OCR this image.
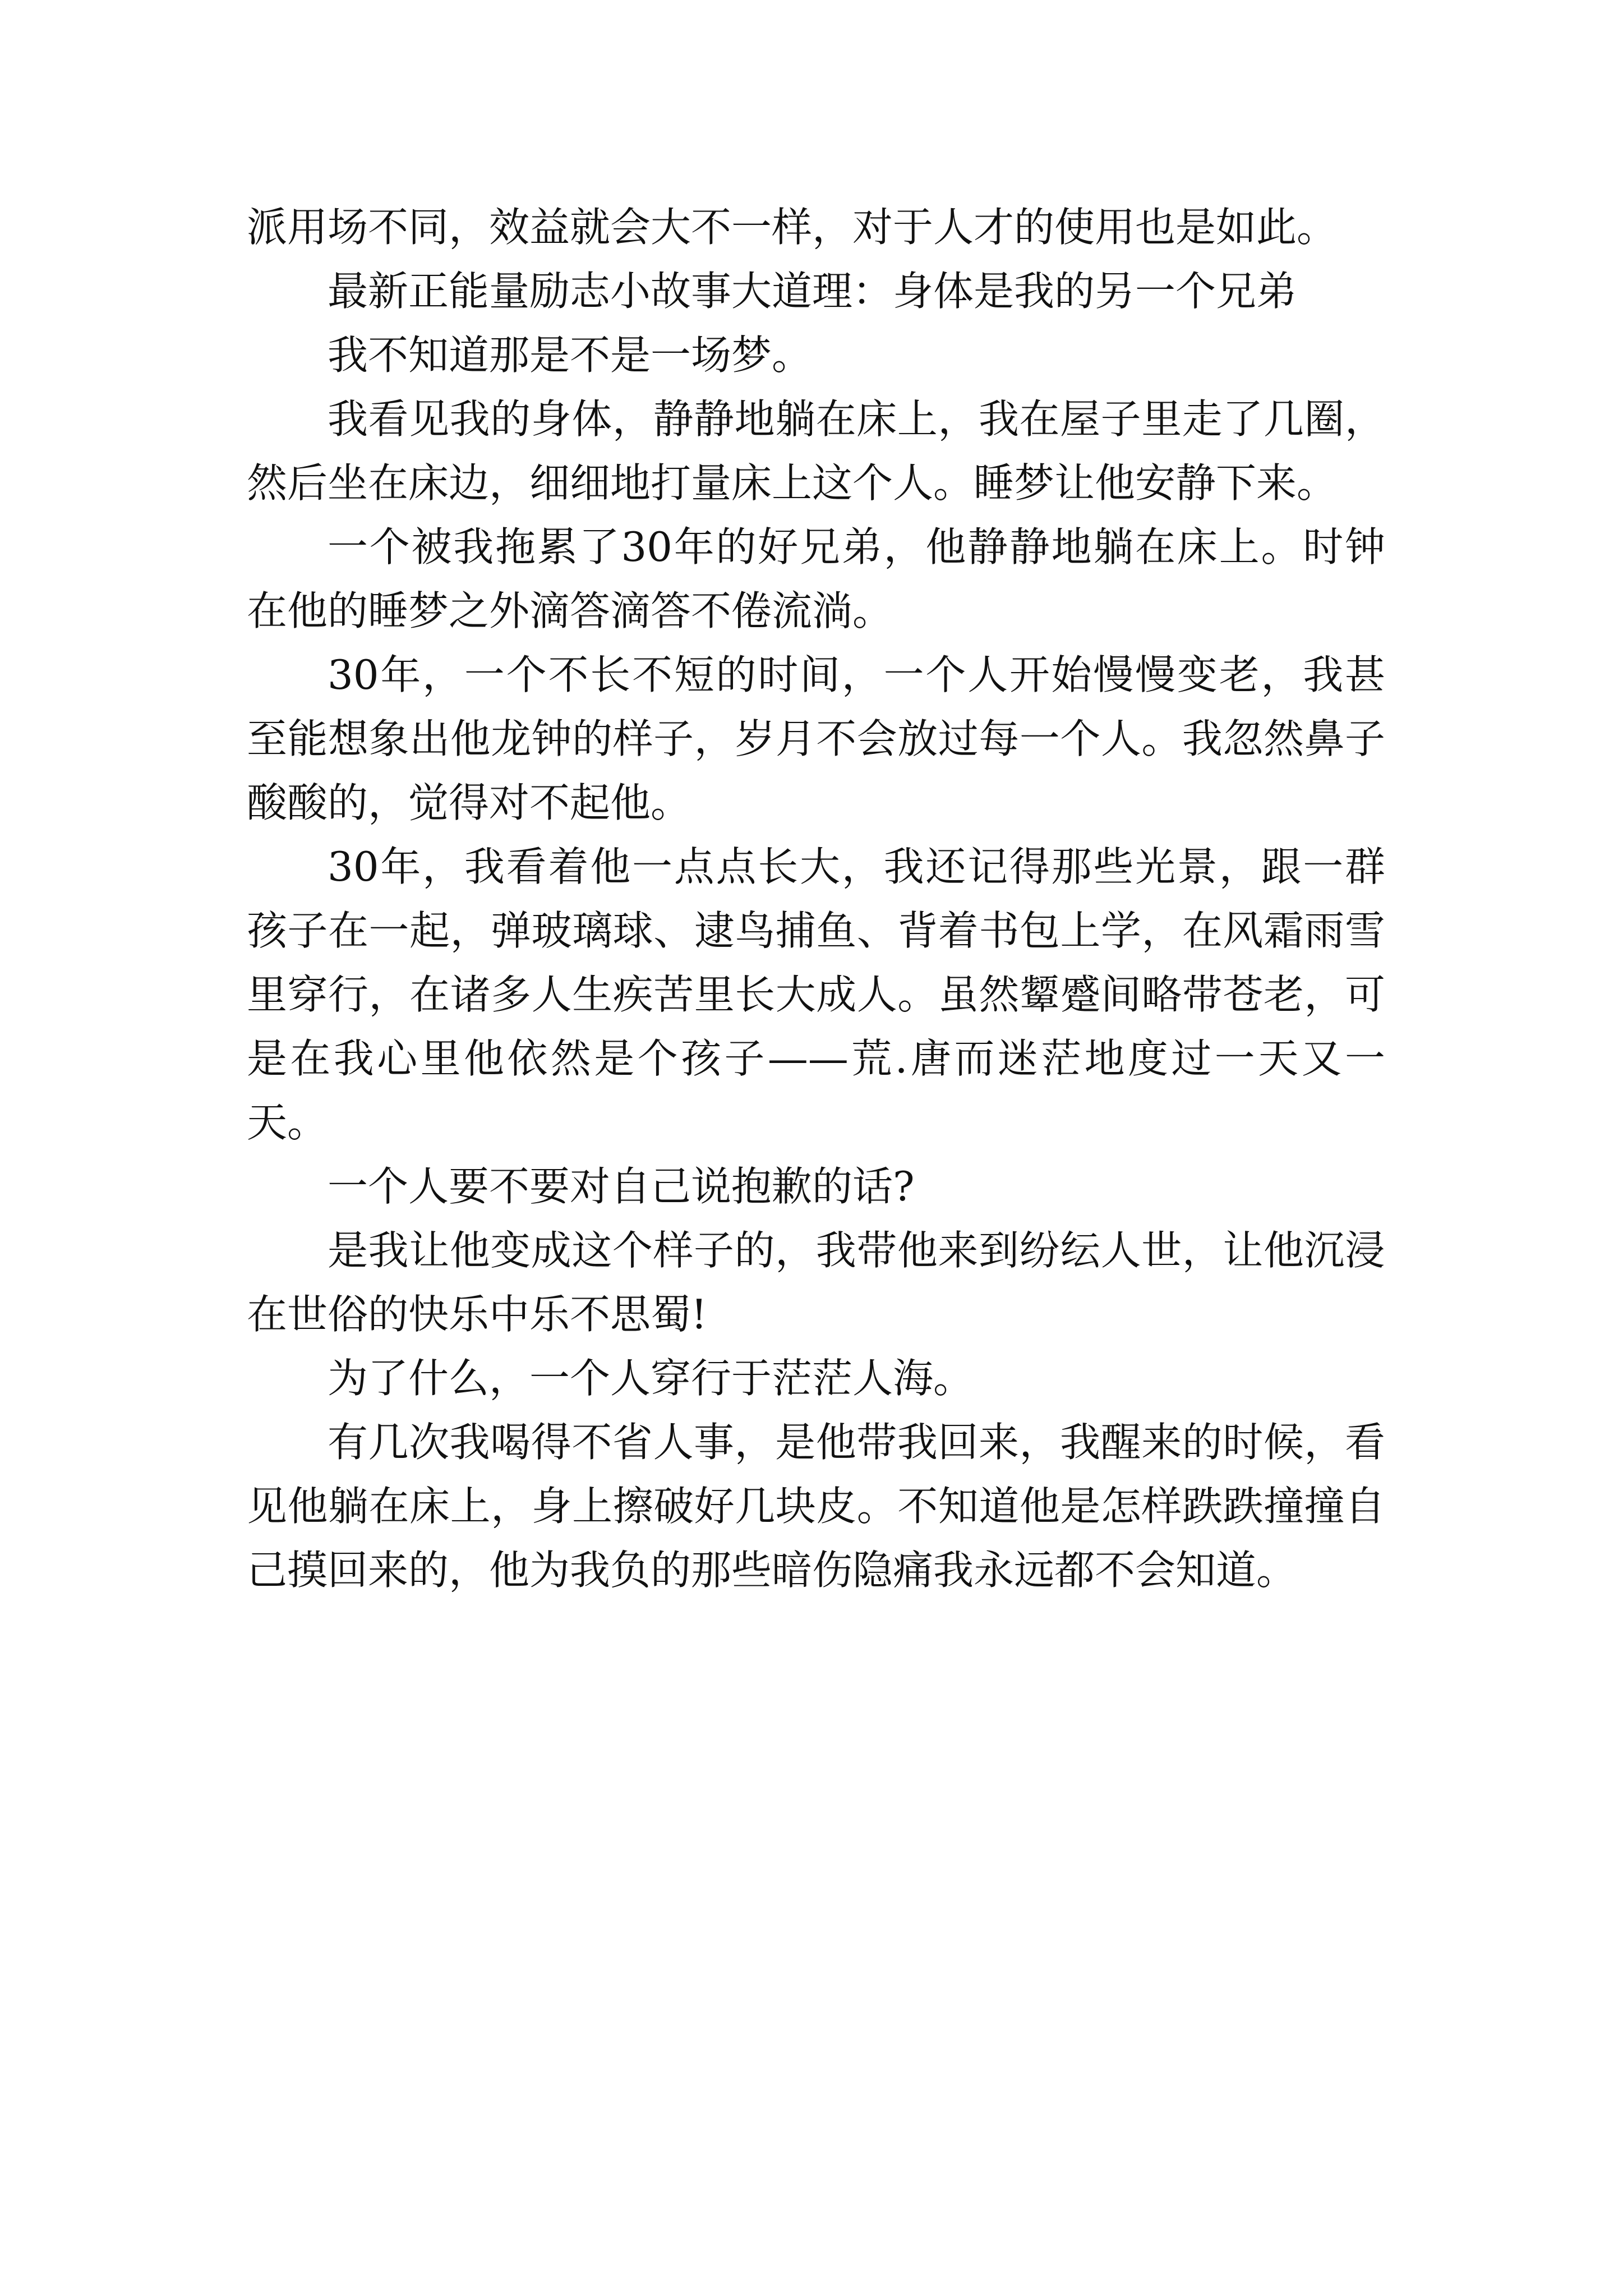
派用场不同，效益就会大不一样，对于人才的使用也是如此。

最新正能量励志小故事大道理：身体是我的另一个兄弟

我不知道那是不是一场梦。

我看见我的身体，静静地躺在床上，我在屋子里走了几圈，然后坐在床边，细细地打量床上这个人。睡梦让他安静下来。

一个被我拖累了30年的好兄弟，他静静地躺在床上。时钟在他的睡梦之外滴答滴答不倦流淌。

30年，一个不长不短的时间，一个人开始慢慢变老，我甚至能想象出他龙钟的样子，岁月不会放过每一个人。我忽然鼻子酸酸的，觉得对不起他。

30年，我看着他一点点长大，我还记得那些光景，跟一群孩子在一起，弹玻璃球、逮鸟捕鱼、背着书包上学，在风霜雨雪里穿行，在诸多人生疾苦里长大成人。虽然颦蹙间略带苍老，可是在我心里他依然是个孩子——荒.唐而迷茫地度过一天又一天。

一个人要不要对自己说抱歉的话?

是我让他变成这个样子的，我带他来到纷纭人世，让他沉浸在世俗的快乐中乐不思蜀!

为了什么，一个人穿行于茫茫人海。

有几次我喝得不省人事，是他带我回来，我醒来的时候，看见他躺在床上，身上擦破好几块皮。不知道他是怎样跌跌撞撞自己摸回来的，他为我负的那些暗伤隐痛我永远都不会知道。
